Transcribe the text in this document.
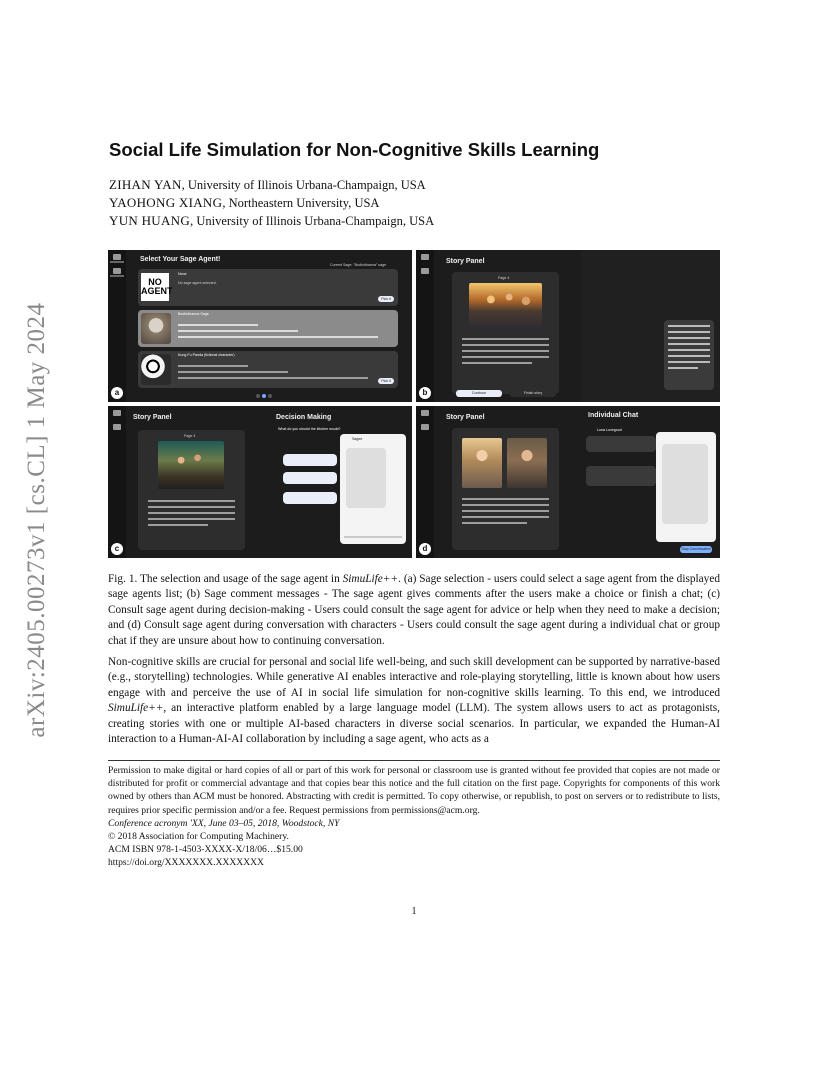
arXiv:2405.00273v1 [cs.CL] 1 May 2024
Social Life Simulation for Non-Cognitive Skills Learning
ZIHAN YAN, University of Illinois Urbana-Champaign, USA
YAOHONG XIANG, Northeastern University, USA
YUN HUANG, University of Illinois Urbana-Champaign, USA
Select Your Sage Agent!
Current Sage: "Bodhidharma" sage
NO AGENT
None
No sage agent selected.
Pick it
Bodhidharma Sage
Kung Fu Panda (fictional character)
Pick it
a
Story Panel
Page 4
Continue	Finish story
b
Story Panel
Page 4
Decision Making
What do you should the kitchen would?
Sagee
c
Story Panel	Individual Chat
Luna Lovegood
Stop Conversation
d
Fig. 1. The selection and usage of the sage agent in SimuLife++. (a) Sage selection - users could select a sage agent from the displayed sage agents list; (b) Sage comment messages - The sage agent gives comments after the users make a choice or finish a chat; (c) Consult sage agent during decision-making - Users could consult the sage agent for advice or help when they need to make a decision; and (d) Consult sage agent during conversation with characters - Users could consult the sage agent during a individual chat or group chat if they are unsure about how to continuing conversation.
Non-cognitive skills are crucial for personal and social life well-being, and such skill development can be supported by narrative-based (e.g., storytelling) technologies. While generative AI enables interactive and role-playing storytelling, little is known about how users engage with and perceive the use of AI in social life simulation for non-cognitive skills learning. To this end, we introduced SimuLife++, an interactive platform enabled by a large language model (LLM). The system allows users to act as protagonists, creating stories with one or multiple AI-based characters in diverse social scenarios. In particular, we expanded the Human-AI interaction to a Human-AI-AI collaboration by including a sage agent, who acts as a

Permission to make digital or hard copies of all or part of this work for personal or classroom use is granted without fee provided that copies are not made or distributed for profit or commercial advantage and that copies bear this notice and the full citation on the first page. Copyrights for components of this work owned by others than ACM must be honored. Abstracting with credit is permitted. To copy otherwise, or republish, to post on servers or to redistribute to lists, requires prior specific permission and/or a fee. Request permissions from permissions@acm.org.

Conference acronym 'XX, June 03–05, 2018, Woodstock, NY

© 2018 Association for Computing Machinery.

ACM ISBN 978-1-4503-XXXX-X/18/06…$15.00

https://doi.org/XXXXXXX.XXXXXXX

1
